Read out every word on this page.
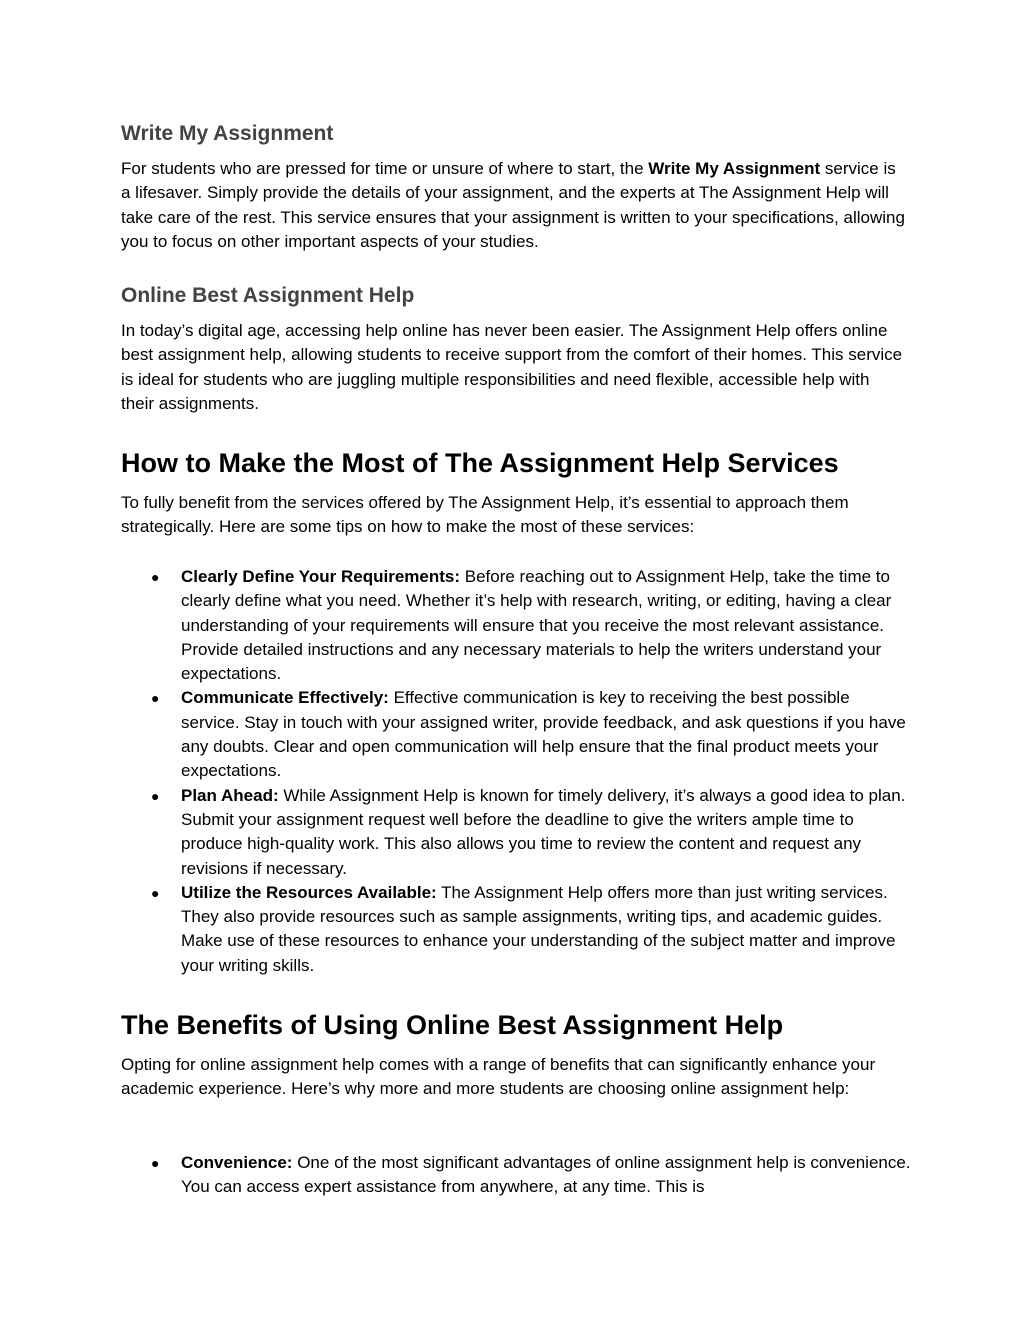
Write My Assignment

For students who are pressed for time or unsure of where to start, the Write My Assignment service is a lifesaver. Simply provide the details of your assignment, and the experts at The Assignment Help will take care of the rest. This service ensures that your assignment is written to your specifications, allowing you to focus on other important aspects of your studies.

Online Best Assignment Help

In today’s digital age, accessing help online has never been easier. The Assignment Help offers online best assignment help, allowing students to receive support from the comfort of their homes. This service is ideal for students who are juggling multiple responsibilities and need flexible, accessible help with their assignments.

How to Make the Most of The Assignment Help Services

To fully benefit from the services offered by The Assignment Help, it’s essential to approach them strategically. Here are some tips on how to make the most of these services:

● Clearly Define Your Requirements: Before reaching out to Assignment Help, take the time to clearly define what you need. Whether it’s help with research, writing, or editing, having a clear understanding of your requirements will ensure that you receive the most relevant assistance. Provide detailed instructions and any necessary materials to help the writers understand your expectations.
● Communicate Effectively: Effective communication is key to receiving the best possible service. Stay in touch with your assigned writer, provide feedback, and ask questions if you have any doubts. Clear and open communication will help ensure that the final product meets your expectations.
● Plan Ahead: While Assignment Help is known for timely delivery, it’s always a good idea to plan. Submit your assignment request well before the deadline to give the writers ample time to produce high-quality work. This also allows you time to review the content and request any revisions if necessary.
● Utilize the Resources Available: The Assignment Help offers more than just writing services. They also provide resources such as sample assignments, writing tips, and academic guides. Make use of these resources to enhance your understanding of the subject matter and improve your writing skills.
The Benefits of Using Online Best Assignment Help

Opting for online assignment help comes with a range of benefits that can significantly enhance your academic experience. Here’s why more and more students are choosing online assignment help:

● Convenience: One of the most significant advantages of online assignment help is convenience. You can access expert assistance from anywhere, at any time. This is
